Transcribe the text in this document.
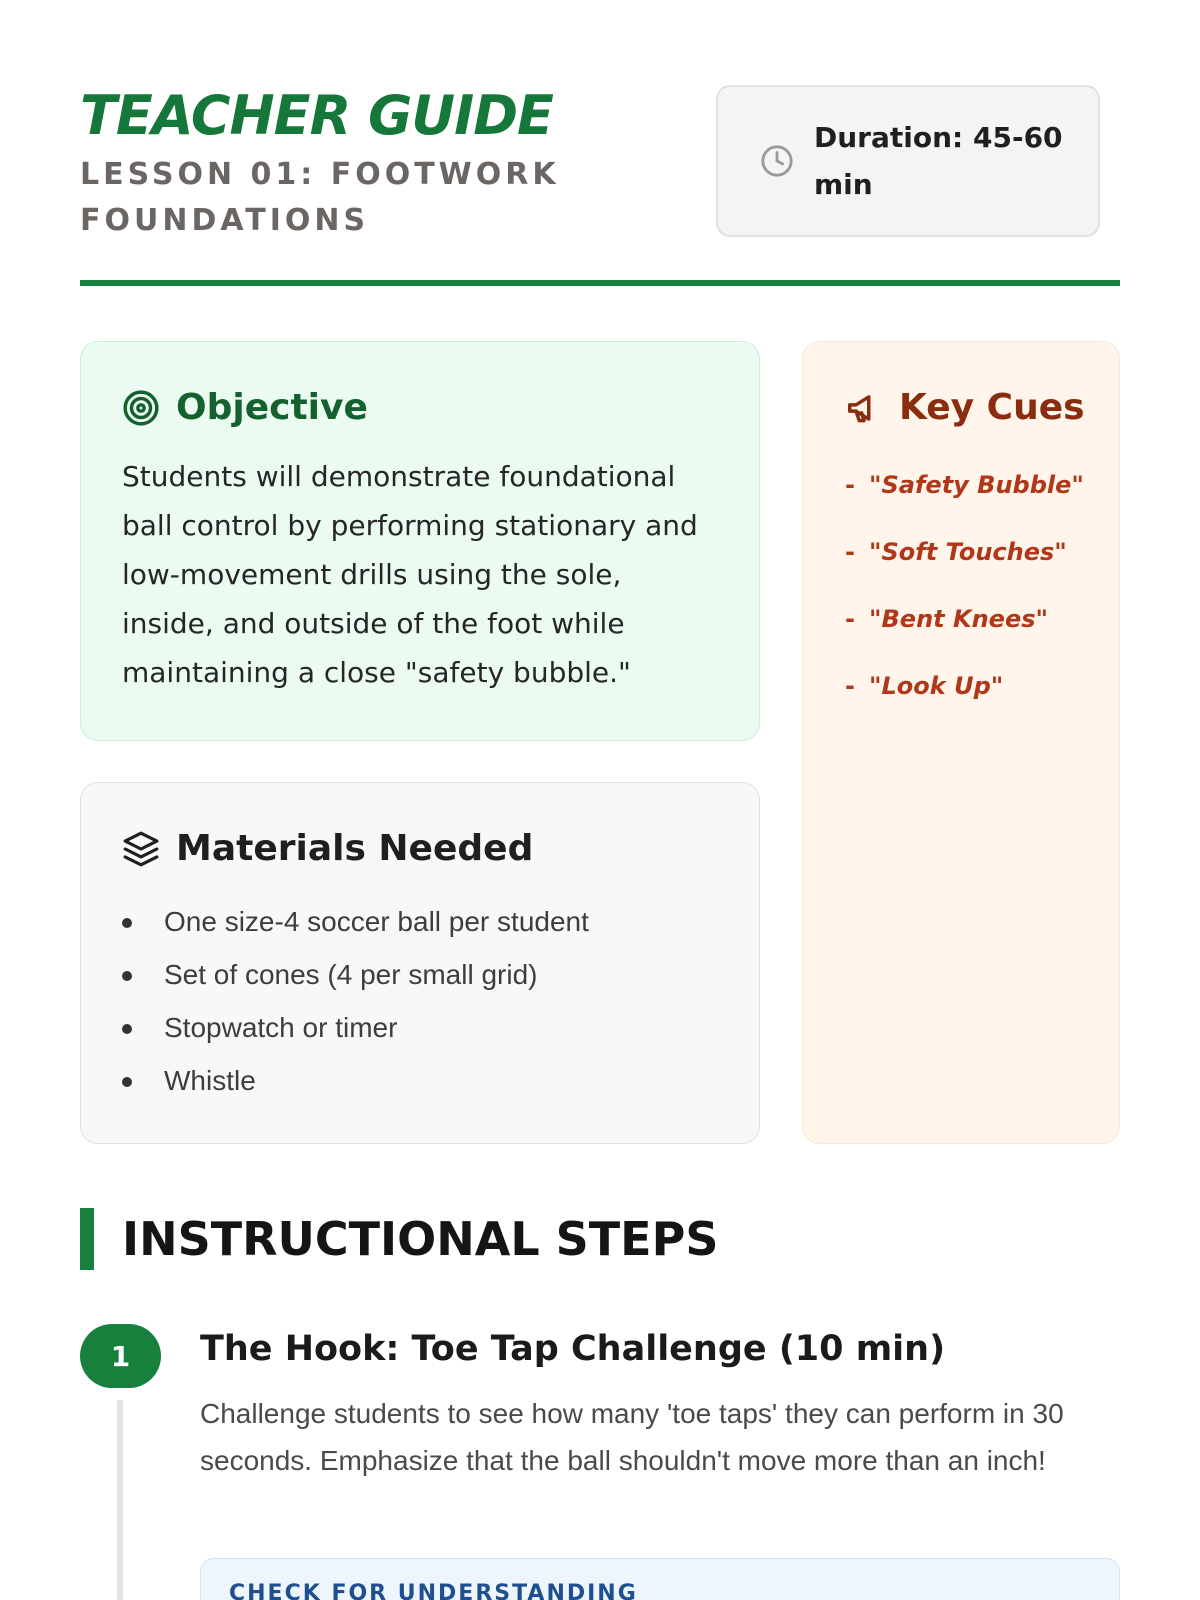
TEACHER GUIDE
LESSON 01: FOOTWORK FOUNDATIONS
Duration: 45-60 min
Objective

Students will demonstrate foundational ball control by performing stationary and low-movement drills using the sole, inside, and outside of the foot while maintaining a close "safety bubble."

Materials Needed
One size-4 soccer ball per student
Set of cones (4 per small grid)
Stopwatch or timer
Whistle
Key Cues
- "Safety Bubble"
- "Soft Touches"
- "Bent Knees"
- "Look Up"
INSTRUCTIONAL STEPS
1	The Hook: Toe Tap Challenge (10 min)

Challenge students to see how many 'toe taps' they can perform in 30 seconds. Emphasize that the ball shouldn't move more than an inch!

CHECK FOR UNDERSTANDING
